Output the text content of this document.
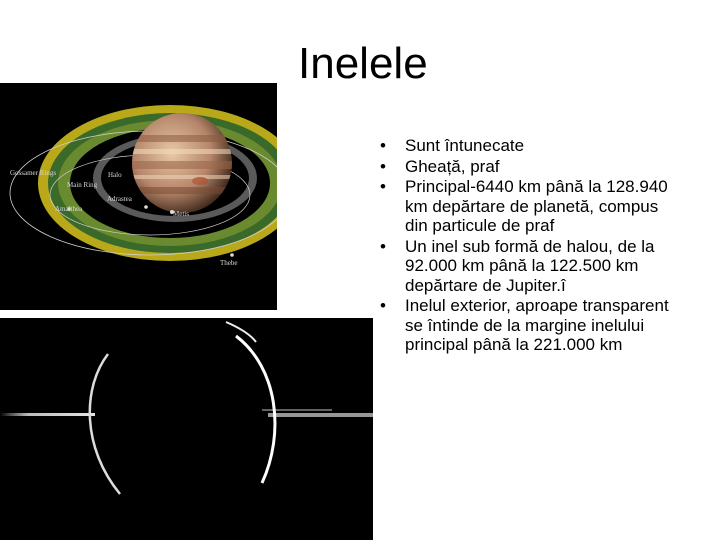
Inelele
Gossamer Rings
Main Ring
Halo
Adrastea
Amalthea
Metis
Thebe
• Sunt întunecate
• Gheață, praf
• Principal-6440 km până la 128.940 km depărtare de planetă, compus din particule de praf
• Un inel sub formă de halou, de la 92.000 km până la 122.500 km depărtare de Jupiter.î
• Inelul exterior, aproape transparent se întinde de la margine inelului principal până la 221.000 km
